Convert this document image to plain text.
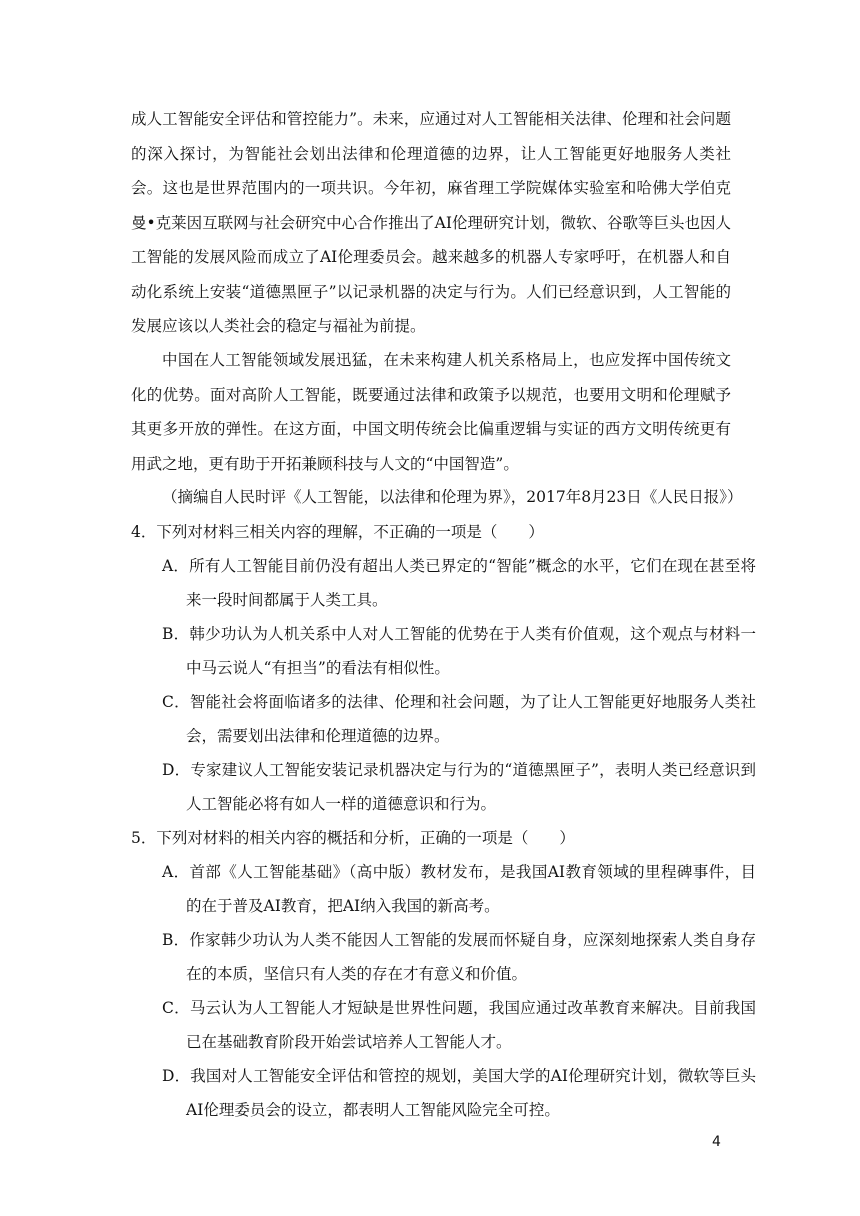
成人工智能安全评估和管控能力”。未来，应通过对人工智能相关法律、伦理和社会问题的深入探讨，为智能社会划出法律和伦理道德的边界，让人工智能更好地服务人类社会。这也是世界范围内的一项共识。今年初，麻省理工学院媒体实验室和哈佛大学伯克曼•克莱因互联网与社会研究中心合作推出了AI伦理研究计划，微软、谷歌等巨头也因人工智能的发展风险而成立了AI伦理委员会。越来越多的机器人专家呼吁，在机器人和自动化系统上安装“道德黑匣子”以记录机器的决定与行为。人们已经意识到，人工智能的发展应该以人类社会的稳定与福祉为前提。

中国在人工智能领域发展迅猛，在未来构建人机关系格局上，也应发挥中国传统文化的优势。面对高阶人工智能，既要通过法律和政策予以规范，也要用文明和伦理赋予其更多开放的弹性。在这方面，中国文明传统会比偏重逻辑与实证的西方文明传统更有用武之地，更有助于开拓兼顾科技与人文的“中国智造”。

（摘编自人民时评《人工智能，以法律和伦理为界》，2017年8月23日《人民日报》）

4．下列对材料三相关内容的理解，不正确的一项是（　　）

A．所有人工智能目前仍没有超出人类已界定的“智能”概念的水平，它们在现在甚至将来一段时间都属于人类工具。

B．韩少功认为人机关系中人对人工智能的优势在于人类有价值观，这个观点与材料一中马云说人“有担当”的看法有相似性。

C．智能社会将面临诸多的法律、伦理和社会问题，为了让人工智能更好地服务人类社会，需要划出法律和伦理道德的边界。

D．专家建议人工智能安装记录机器决定与行为的“道德黑匣子”，表明人类已经意识到人工智能必将有如人一样的道德意识和行为。

5．下列对材料的相关内容的概括和分析，正确的一项是（　　）

A．首部《人工智能基础》（高中版）教材发布，是我国AI教育领域的里程碑事件，目的在于普及AI教育，把AI纳入我国的新高考。

B．作家韩少功认为人类不能因人工智能的发展而怀疑自身，应深刻地探索人类自身存在的本质，坚信只有人类的存在才有意义和价值。

C．马云认为人工智能人才短缺是世界性问题，我国应通过改革教育来解决。目前我国已在基础教育阶段开始尝试培养人工智能人才。

D．我国对人工智能安全评估和管控的规划，美国大学的AI伦理研究计划，微软等巨头AI伦理委员会的设立，都表明人工智能风险完全可控。

4
